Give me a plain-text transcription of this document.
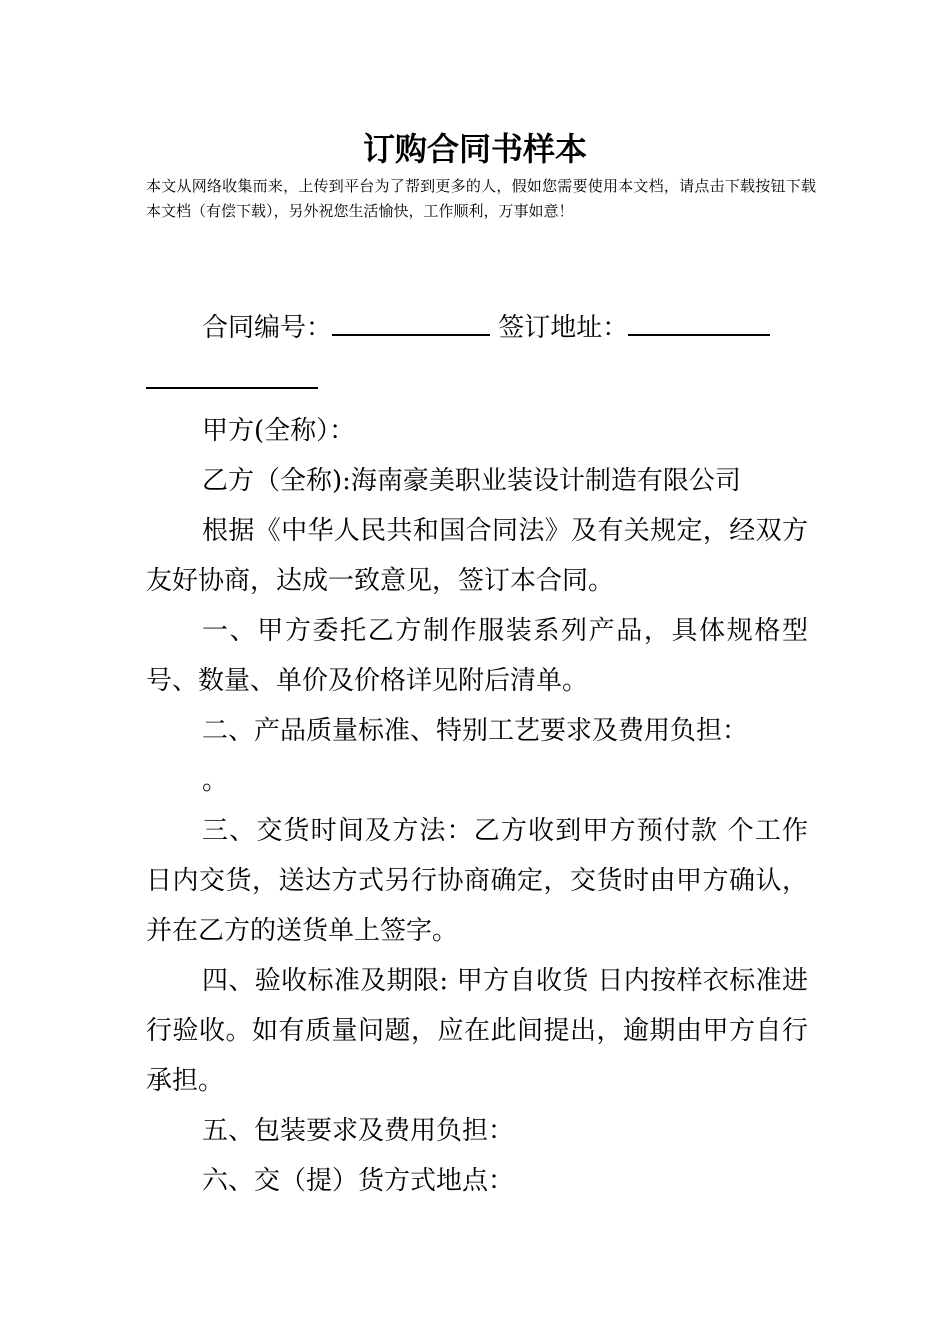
订购合同书样本

本文从网络收集而来，上传到平台为了帮到更多的人，假如您需要使用本文档，请点击下载按钮下载本文档（有偿下载），另外祝您生活愉快，工作顺利，万事如意！

合同编号：	签订地址：

甲方(全称）：

乙方（全称):海南豪美职业装设计制造有限公司

根据《中华人民共和国合同法》及有关规定，经双方友好协商，达成一致意见，签订本合同。

一、甲方委托乙方制作服装系列产品，具体规格型号、数量、单价及价格详见附后清单。

二、产品质量标准、特别工艺要求及费用负担：

。

三、交货时间及方法：乙方收到甲方预付款 个工作日内交货，送达方式另行协商确定，交货时由甲方确认，并在乙方的送货单上签字。

四、验收标准及期限: 甲方自收货 日内按样衣标准进行验收。如有质量问题，应在此间提出，逾期由甲方自行承担。

五、包装要求及费用负担：

六、交（提）货方式地点：
